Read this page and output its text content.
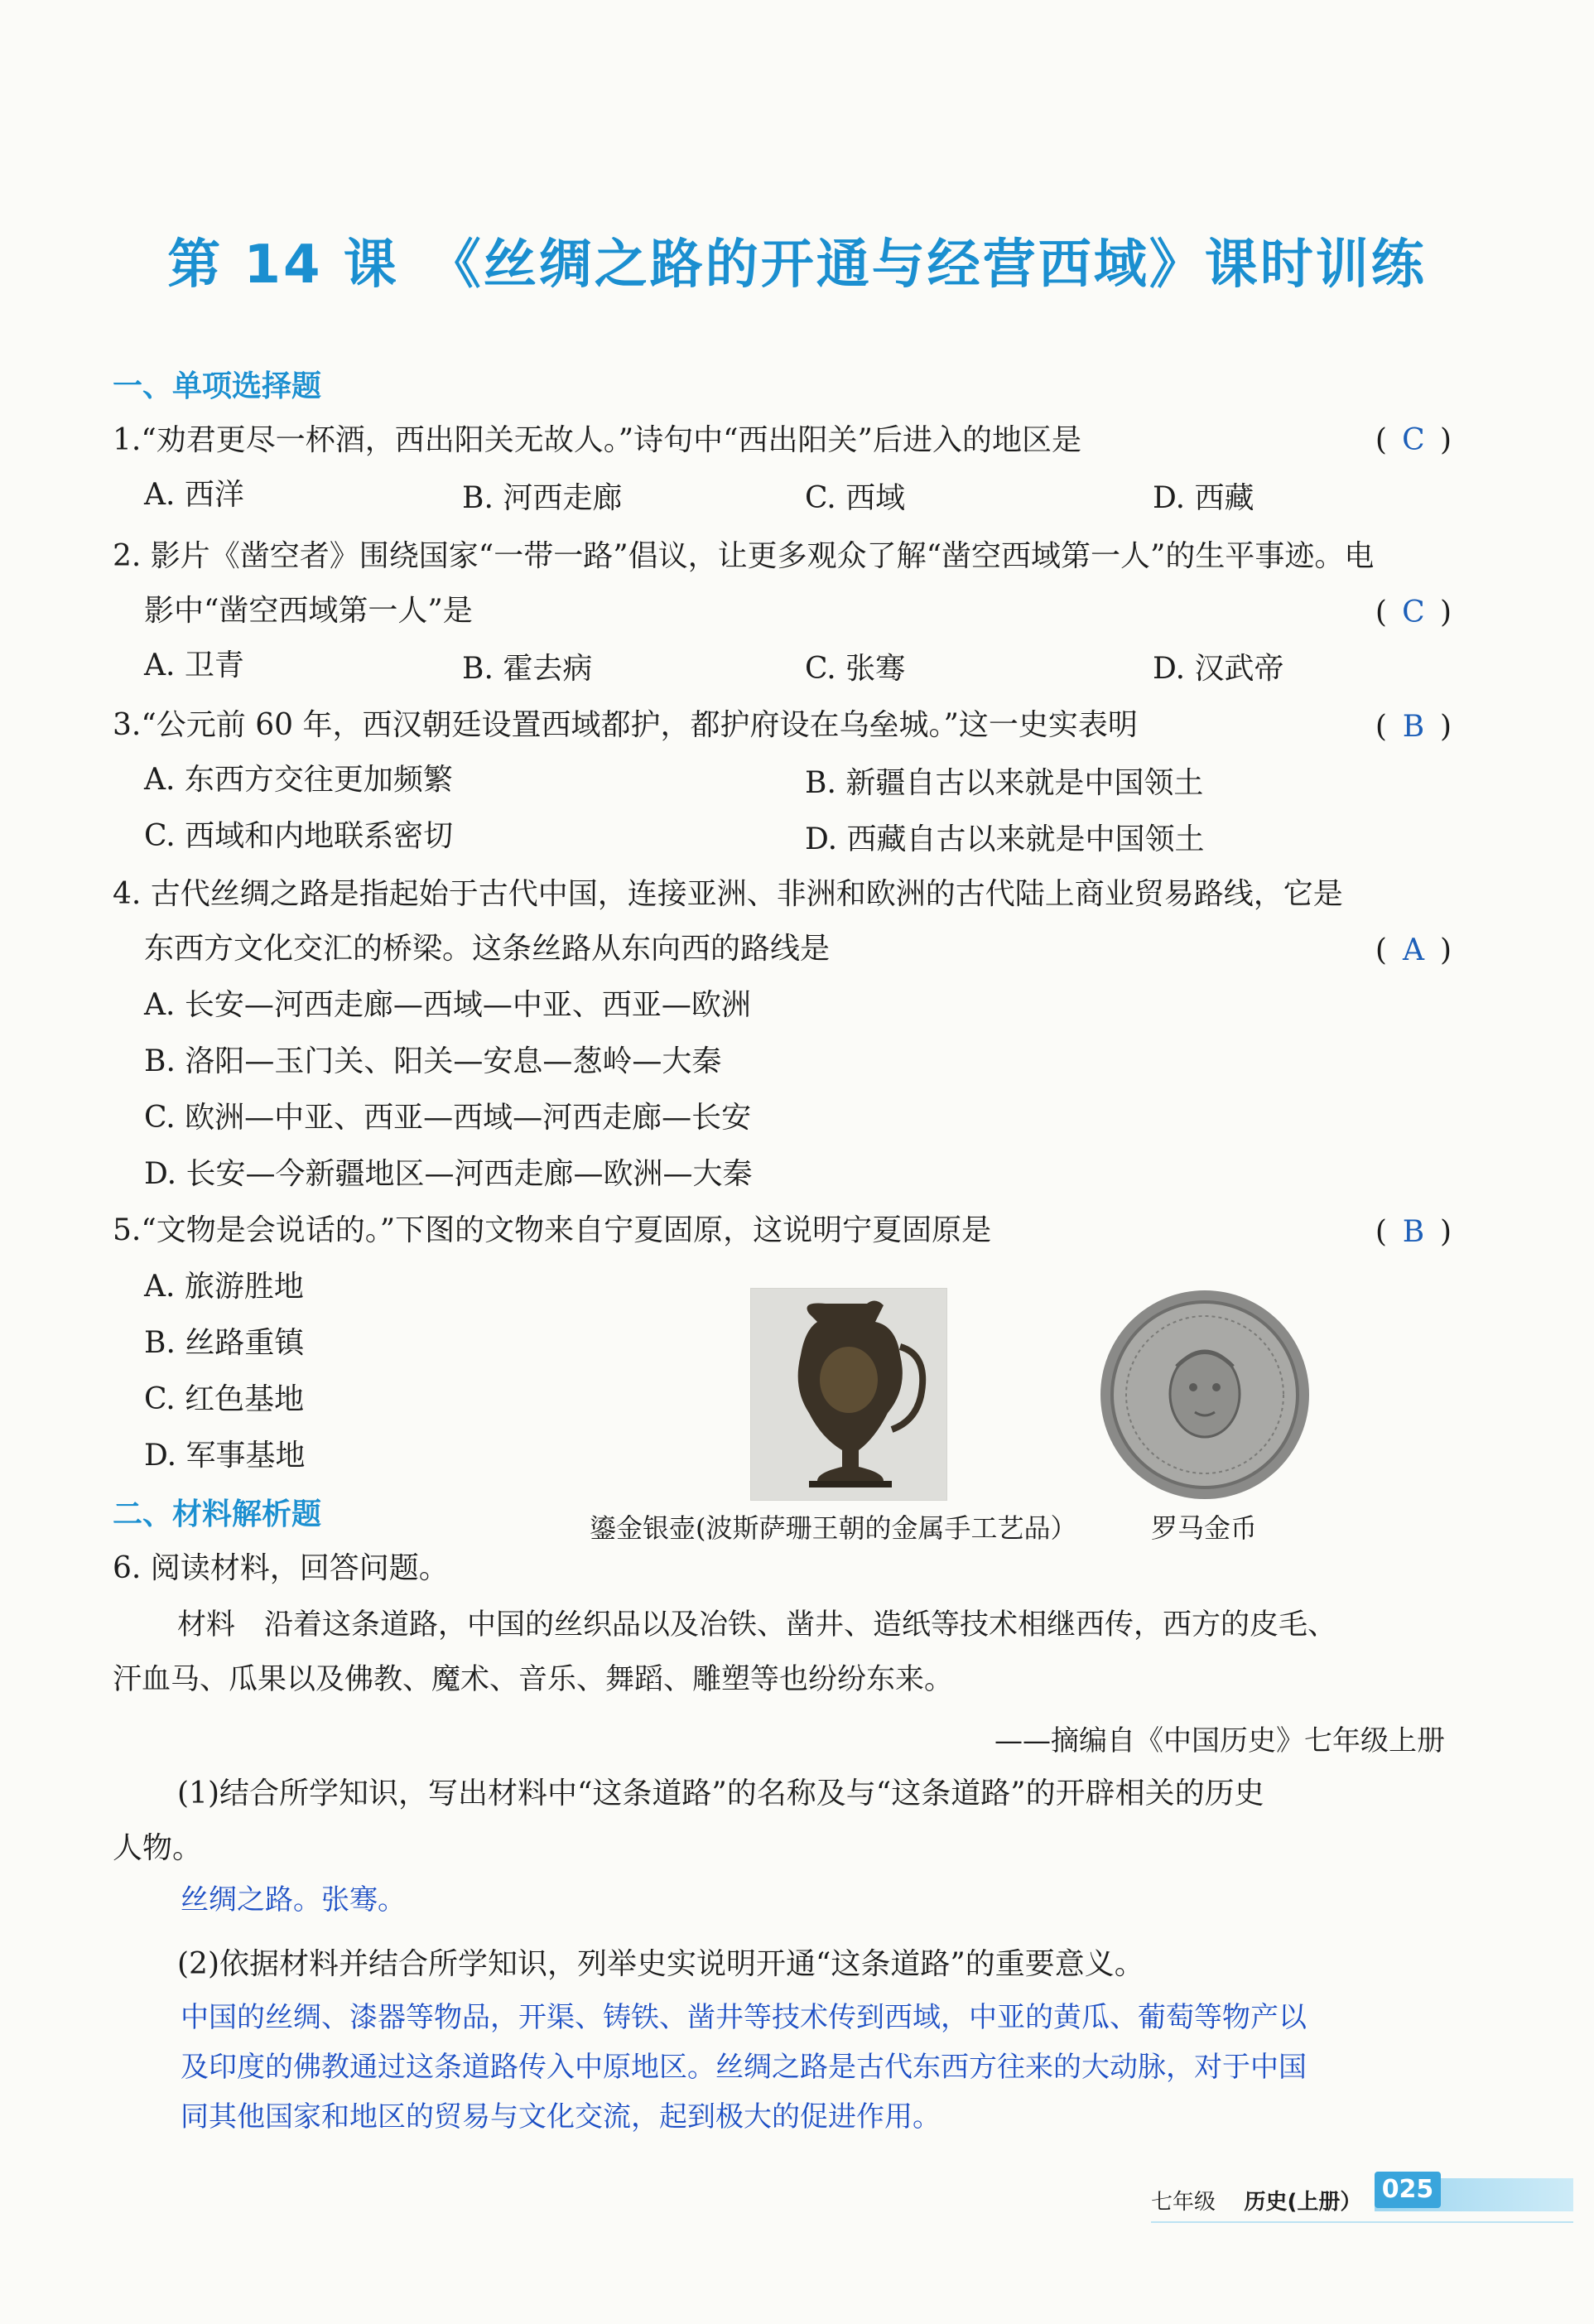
第 14 课　《丝绸之路的开通与经营西域》课时训练
一、单项选择题
1.“劝君更尽一杯酒，西出阳关无故人。”诗句中“西出阳关”后进入的地区是	( C )
A. 西洋	B. 河西走廊	C. 西域	D. 西藏
2. 影片《凿空者》围绕国家“一带一路”倡议，让更多观众了解“凿空西域第一人”的生平事迹。电
影中“凿空西域第一人”是	( C )
A. 卫青	B. 霍去病	C. 张骞	D. 汉武帝
3.“公元前 60 年，西汉朝廷设置西域都护，都护府设在乌垒城。”这一史实表明	( B )
A. 东西方交往更加频繁	B. 新疆自古以来就是中国领土
C. 西域和内地联系密切	D. 西藏自古以来就是中国领土
4. 古代丝绸之路是指起始于古代中国，连接亚洲、非洲和欧洲的古代陆上商业贸易路线，它是
东西方文化交汇的桥梁。这条丝路从东向西的路线是	( A )
A. 长安—河西走廊—西域—中亚、西亚—欧洲
B. 洛阳—玉门关、阳关—安息—葱岭—大秦
C. 欧洲—中亚、西亚—西域—河西走廊—长安
D. 长安—今新疆地区—河西走廊—欧洲—大秦
5.“文物是会说话的。”下图的文物来自宁夏固原，这说明宁夏固原是	( B )
A. 旅游胜地
B. 丝路重镇
C. 红色基地
D. 军事基地
二、材料解析题	鎏金银壶(波斯萨珊王朝的金属手工艺品）	罗马金币
6. 阅读材料，回答问题。
材料　沿着这条道路，中国的丝织品以及冶铁、凿井、造纸等技术相继西传，西方的皮毛、
汗血马、瓜果以及佛教、魔术、音乐、舞蹈、雕塑等也纷纷东来。
——摘编自《中国历史》七年级上册
(1)结合所学知识，写出材料中“这条道路”的名称及与“这条道路”的开辟相关的历史
人物。
丝绸之路。张骞。
(2)依据材料并结合所学知识，列举史实说明开通“这条道路”的重要意义。
中国的丝绸、漆器等物品，开渠、铸铁、凿井等技术传到西域，中亚的黄瓜、葡萄等物产以
及印度的佛教通过这条道路传入中原地区。丝绸之路是古代东西方往来的大动脉，对于中国
同其他国家和地区的贸易与文化交流，起到极大的促进作用。
025
七年级 历史(上册）
